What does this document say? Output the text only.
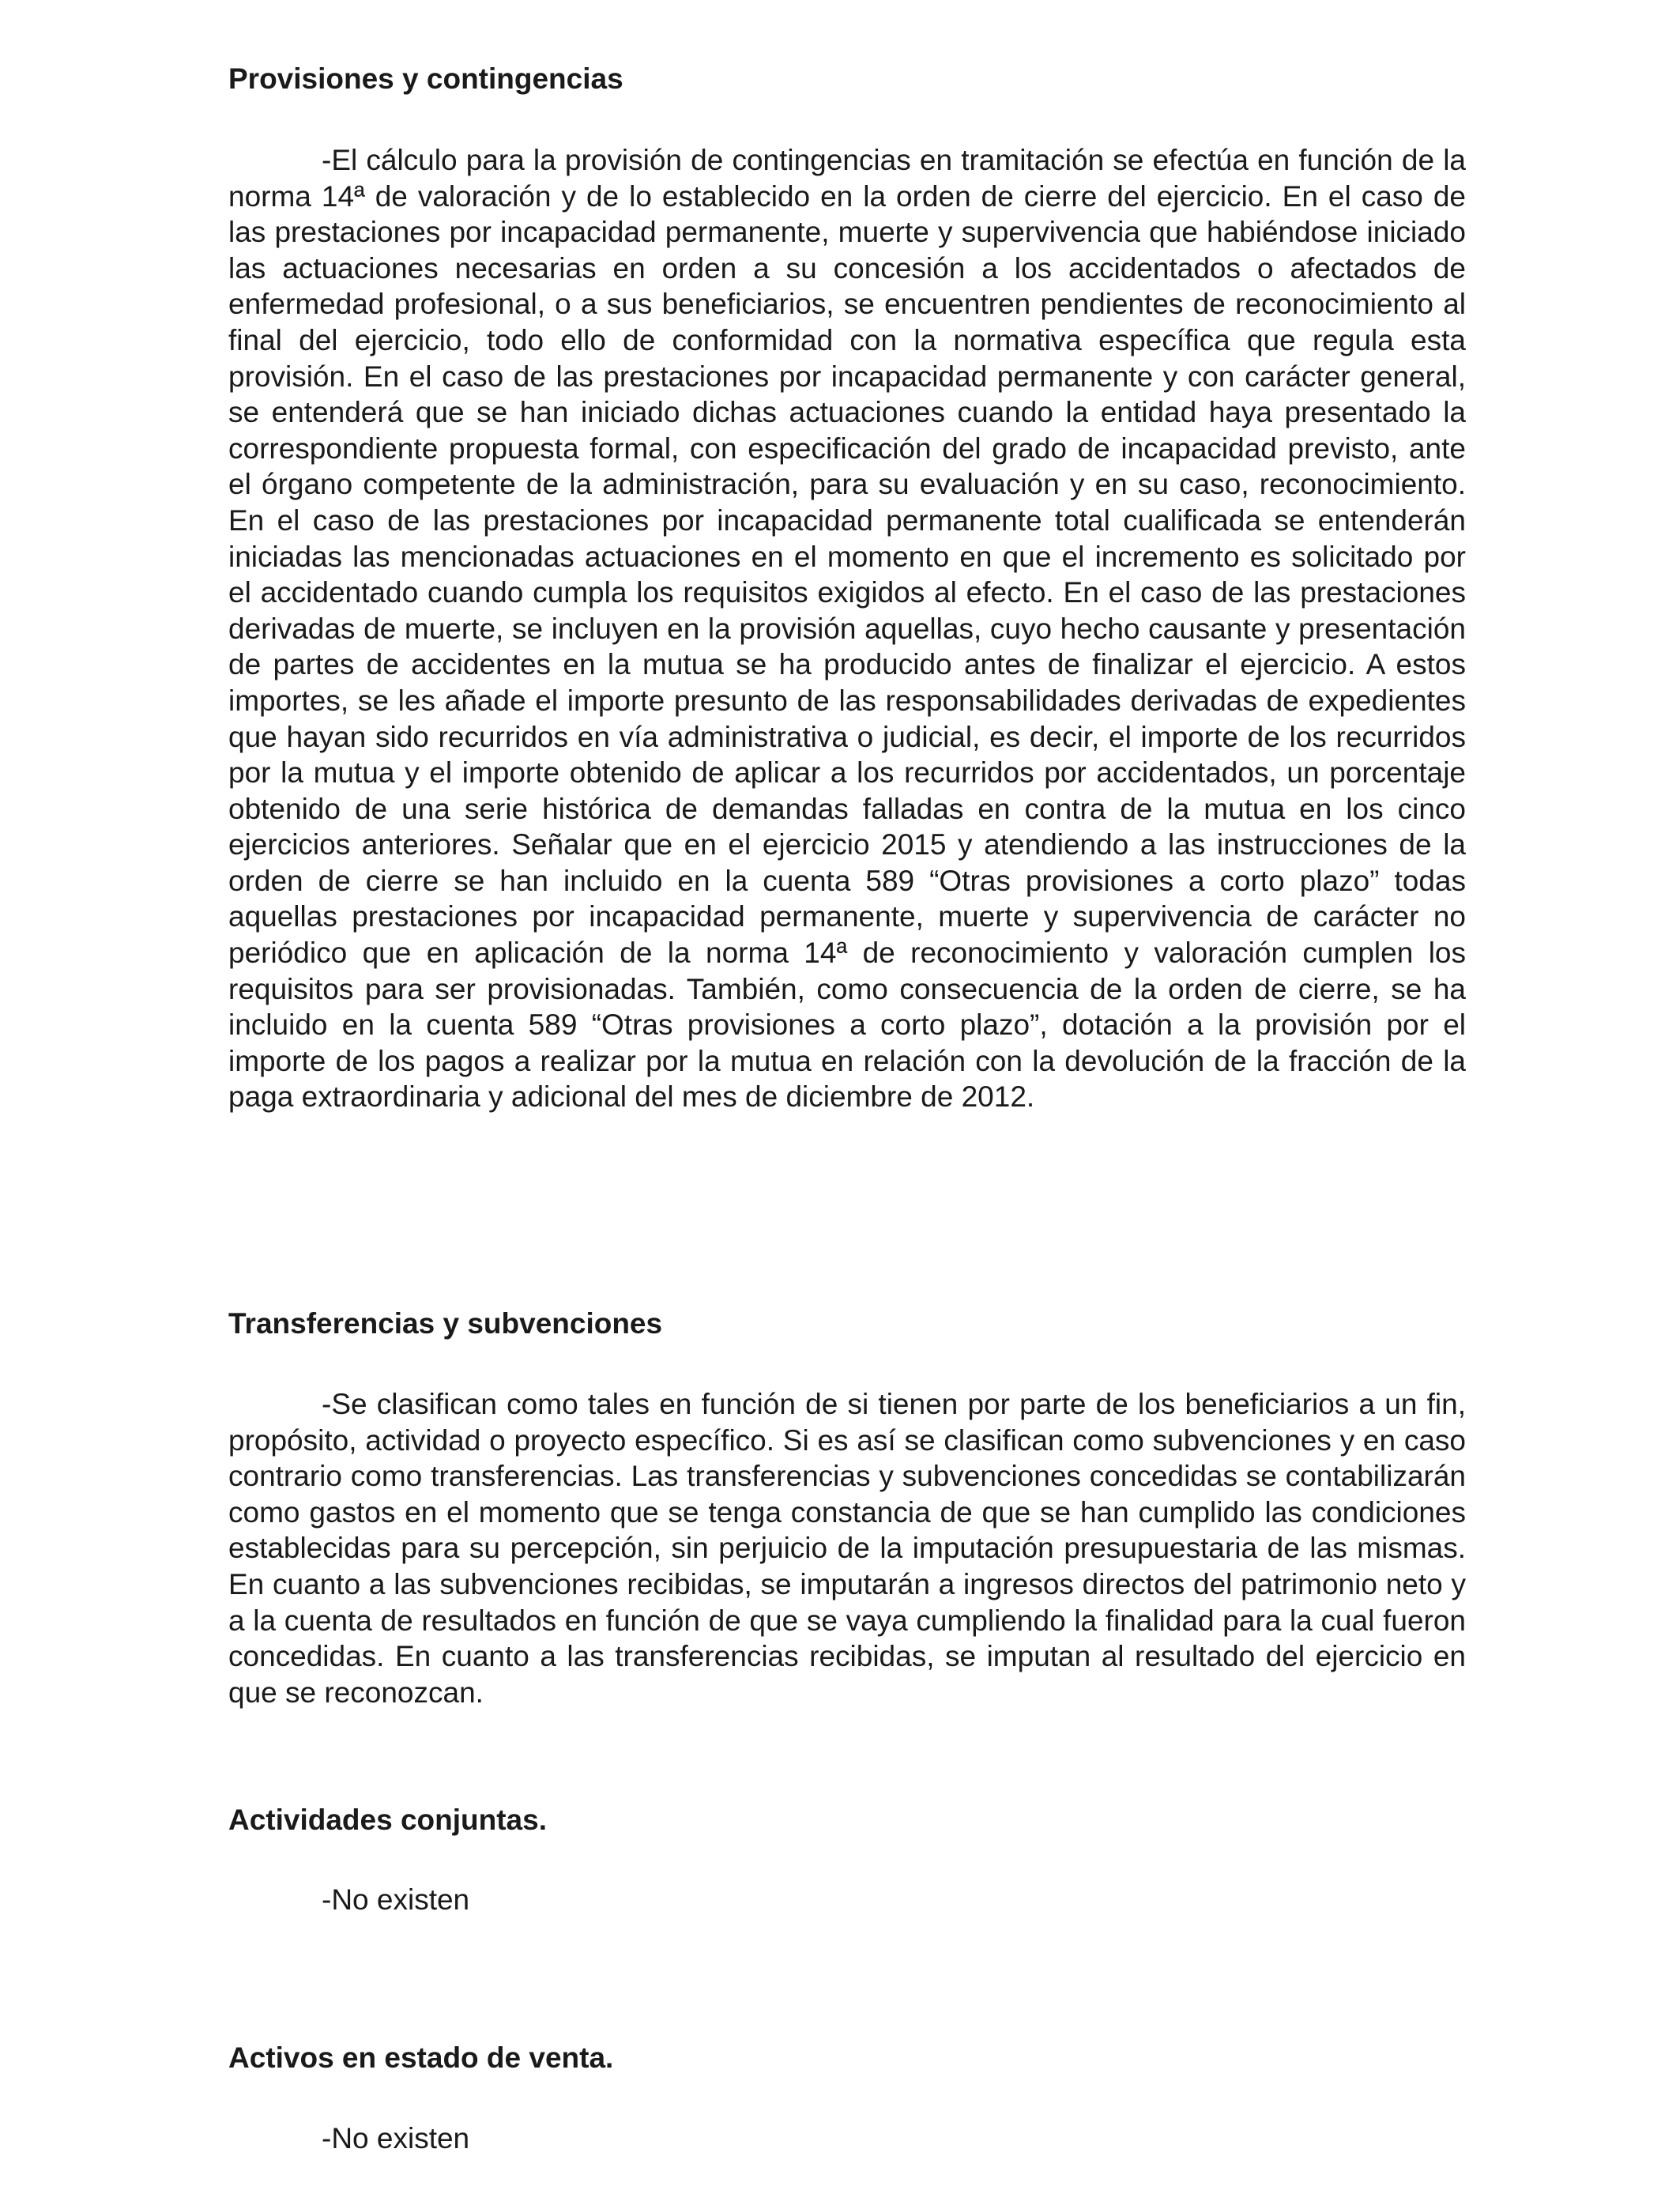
Provisiones y contingencias

-El cálculo para la provisión de contingencias en tramitación se efectúa en función de la norma 14ª de valoración y de lo establecido en la orden de cierre del ejercicio. En el caso de las prestaciones por incapacidad permanente, muerte y supervivencia que habiéndose iniciado las actuaciones necesarias en orden a su concesión a los accidentados o afectados de enfermedad profesional, o a sus beneficiarios, se encuentren pendientes de reconocimiento al final del ejercicio, todo ello de conformidad con la normativa específica que regula esta provisión. En el caso de las prestaciones por incapacidad permanente y con carácter general, se entenderá que se han iniciado dichas actuaciones cuando la entidad haya presentado la correspondiente propuesta formal, con especificación del grado de incapacidad previsto, ante el órgano competente de la administración, para su evaluación y en su caso, reconocimiento. En el caso de las prestaciones por incapacidad permanente total cualificada se entenderán iniciadas las mencionadas actuaciones en el momento en que el incremento es solicitado por el accidentado cuando cumpla los requisitos exigidos al efecto. En el caso de las prestaciones derivadas de muerte, se incluyen en la provisión aquellas, cuyo hecho causante y presentación de partes de accidentes en la mutua se ha producido antes de finalizar el ejercicio. A estos importes, se les añade el importe presunto de las responsabilidades derivadas de expedientes que hayan sido recurridos en vía administrativa o judicial, es decir, el importe de los recurridos por la mutua y el importe obtenido de aplicar a los recurridos por accidentados, un porcentaje obtenido de una serie histórica de demandas falladas en contra de la mutua en los cinco ejercicios anteriores. Señalar que en el ejercicio 2015 y atendiendo a las instrucciones de la orden de cierre se han incluido en la cuenta 589 “Otras provisiones a corto plazo” todas aquellas prestaciones por incapacidad permanente, muerte y supervivencia de carácter no periódico que en aplicación de la norma 14ª de reconocimiento y valoración cumplen los requisitos para ser provisionadas. También, como consecuencia de la orden de cierre, se ha incluido en la cuenta 589 “Otras provisiones a corto plazo”, dotación a la provisión por el importe de los pagos a realizar por la mutua en relación con la devolución de la fracción de la paga extraordinaria y adicional del mes de diciembre de 2012.

Transferencias y subvenciones

-Se clasifican como tales en función de si tienen por parte de los beneficiarios a un fin, propósito, actividad o proyecto específico. Si es así se clasifican como subvenciones y en caso contrario como transferencias. Las transferencias y subvenciones concedidas se contabilizarán como gastos en el momento que se tenga constancia de que se han cumplido las condiciones establecidas para su percepción, sin perjuicio de la imputación presupuestaria de las mismas. En cuanto a las subvenciones recibidas, se imputarán a ingresos directos del patrimonio neto y a la cuenta de resultados en función de que se vaya cumpliendo la finalidad para la cual fueron concedidas. En cuanto a las transferencias recibidas, se imputan al resultado del ejercicio en que se reconozcan.

Actividades conjuntas.

-No existen

Activos en estado de venta.

-No existen
